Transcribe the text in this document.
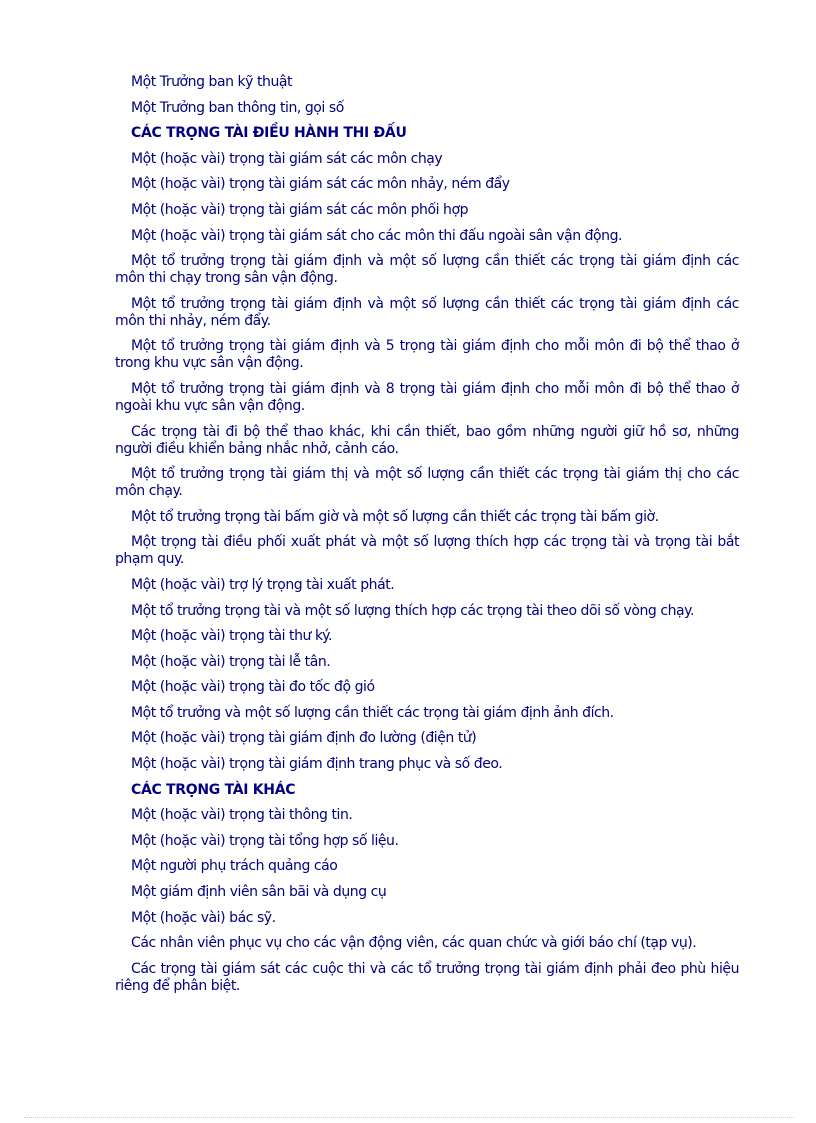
Một Trưởng ban kỹ thuật

Một Trưởng ban thông tin, gọi số

CÁC TRỌNG TÀI ĐIỀU HÀNH THI ĐẤU

Một (hoặc vài) trọng tài giám sát các môn chạy

Một (hoặc vài) trọng tài giám sát các môn nhảy, ném đẩy

Một (hoặc vài) trọng tài giám sát các môn phối hợp

Một (hoặc vài) trọng tài giám sát cho các môn thi đấu ngoài sân vận động.

Một tổ trưởng trọng tài giám định và một số lượng cần thiết các trọng tài giám định các môn thi chạy trong sân vận động.

Một tổ trưởng trọng tài giám định và một số lượng cần thiết các trọng tài giám định các môn thi nhảy, ném đẩy.

Một tổ trưởng trọng tài giám định và 5 trọng tài giám định cho mỗi môn đi bộ thể thao ở trong khu vực sân vận động.

Một tổ trưởng trọng tài giám định và 8 trọng tài giám định cho mỗi môn đi bộ thể thao ở ngoài khu vực sân vận động.

Các trọng tài đi bộ thể thao khác, khi cần thiết, bao gồm những người giữ hồ sơ, những người điều khiển bảng nhắc nhở, cảnh cáo.

Một tổ trưởng trọng tài giám thị và một số lượng cần thiết các trọng tài giám thị cho các môn chạy.

Một tổ trưởng trọng tài bấm giờ và một số lượng cần thiết các trọng tài bấm giờ.

Một trọng tài điều phối xuất phát và một số lượng thích hợp các trọng tài và trọng tài bắt phạm quy.

Một (hoặc vài) trợ lý trọng tài xuất phát.

Một tổ trưởng trọng tài và một số lượng thích hợp các trọng tài theo dõi số vòng chạy.

Một (hoặc vài) trọng tài thư ký.

Một (hoặc vài) trọng tài lễ tân.

Một (hoặc vài) trọng tài đo tốc độ gió

Một tổ trưởng và một số lượng cần thiết các trọng tài giám định ảnh đích.

Một (hoặc vài) trọng tài giám định đo lường (điện tử)

Một (hoặc vài) trọng tài giám định trang phục và số đeo.

CÁC TRỌNG TÀI KHÁC

Một (hoặc vài) trọng tài thông tin.

Một (hoặc vài) trọng tài tổng hợp số liệu.

Một người phụ trách quảng cáo

Một giám định viên sân bãi và dụng cụ

Một (hoặc vài) bác sỹ.

Các nhân viên phục vụ cho các vận động viên, các quan chức và giới báo chí (tạp vụ).

Các trọng tài giám sát các cuộc thi và các tổ trưởng trọng tài giám định phải đeo phù hiệu riêng để phân biệt.
